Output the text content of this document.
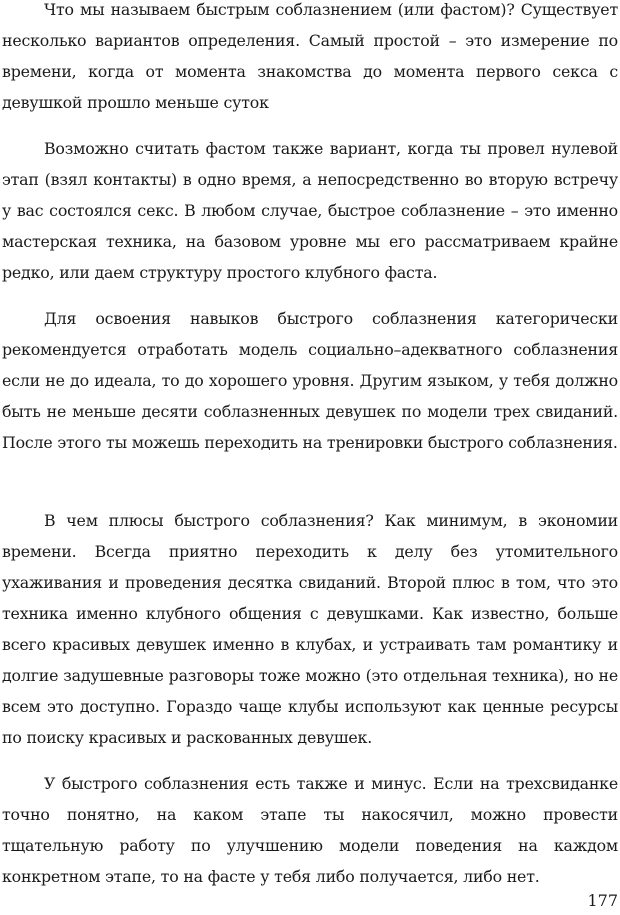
Что мы называем быстрым соблазнением (или фастом)? Существует несколько вариантов определения. Самый простой – это измерение по времени, когда от момента знакомства до момента первого секса с девушкой прошло меньше суток

Возможно считать фастом также вариант, когда ты провел нулевой этап (взял контакты) в одно время, а непосредственно во вторую встречу у вас состоялся секс. В любом случае, быстрое соблазнение – это именно мастерская техника, на базовом уровне мы его рассматриваем крайне редко, или даем структуру простого клубного фаста.

Для освоения навыков быстрого соблазнения категорически рекомендуется отработать модель социально–адекватного соблазнения если не до идеала, то до хорошего уровня. Другим языком, у тебя должно быть не меньше десяти соблазненных девушек по модели трех свиданий. После этого ты можешь переходить на тренировки быстрого соблазнения.

В чем плюсы быстрого соблазнения? Как минимум, в экономии времени. Всегда приятно переходить к делу без утомительного ухаживания и проведения десятка свиданий. Второй плюс в том, что это техника именно клубного общения с девушками. Как известно, больше всего красивых девушек именно в клубах, и устраивать там романтику и долгие задушевные разговоры тоже можно (это отдельная техника), но не всем это доступно. Гораздо чаще клубы используют как ценные ресурсы по поиску красивых и раскованных девушек.

У быстрого соблазнения есть также и минус. Если на трехсвиданке точно понятно, на каком этапе ты накосячил, можно провести тщательную работу по улучшению модели поведения на каждом конкретном этапе, то на фасте у тебя либо получается, либо нет.

177
